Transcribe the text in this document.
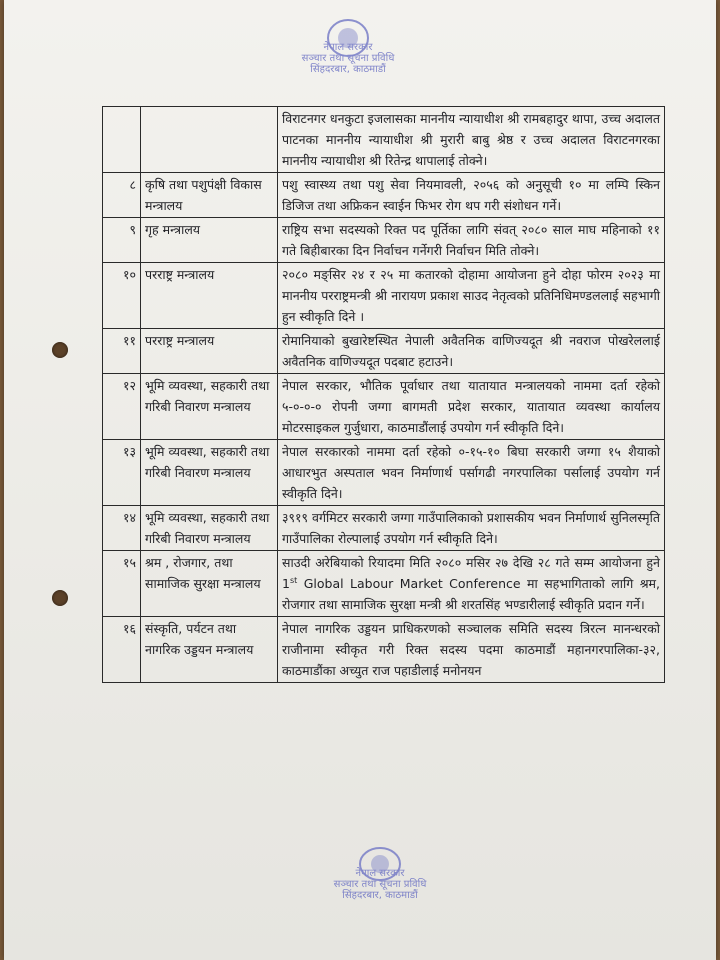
नेपाल सरकार
सञ्चार तथा सूचना प्रविधि
सिंहदरबार, काठमाडौं
		विराटनगर धनकुटा इजलासका माननीय न्यायाधीश श्री रामबहादुर थापा, उच्च अदालत पाटनका माननीय न्यायाधीश श्री मुरारी बाबु श्रेष्ठ र उच्च अदालत विराटनगरका माननीय न्यायाधीश श्री रितेन्द्र थापालाई तोक्ने।
८	कृषि तथा पशुपंक्षी विकास मन्त्रालय	पशु स्वास्थ्य तथा पशु सेवा नियमावली, २०५६ को अनुसूची १० मा लम्पि स्किन डिजिज तथा अफ्रिकन स्वाईन फिभर रोग थप गरी संशोधन गर्ने।
९	गृह मन्त्रालय	राष्ट्रिय सभा सदस्यको रिक्त पद पूर्तिका लागि संवत् २०८० साल माघ महिनाको ११ गते बिहीबारका दिन निर्वाचन गर्नेगरी निर्वाचन मिति तोक्ने।
१०	परराष्ट्र मन्त्रालय	२०८० मङ्सिर २४ र २५ मा कतारको दोहामा आयोजना हुने दोहा फोरम २०२३ मा माननीय परराष्ट्रमन्त्री श्री नारायण प्रकाश साउद नेतृत्वको प्रतिनिधिमण्डललाई सहभागी हुन स्वीकृति दिने ।
११	परराष्ट्र मन्त्रालय	रोमानियाको बुखारेष्टस्थित नेपाली अवैतनिक वाणिज्यदूत श्री नवराज पोखरेललाई अवैतनिक वाणिज्यदूत पदबाट हटाउने।
१२	भूमि व्यवस्था, सहकारी तथा गरिबी निवारण मन्त्रालय	नेपाल सरकार, भौतिक पूर्वाधार तथा यातायात मन्त्रालयको नाममा दर्ता रहेको ५-०-०-० रोपनी जग्गा बागमती प्रदेश सरकार, यातायात व्यवस्था कार्यालय मोटरसाइकल गुर्जुधारा, काठमाडौंलाई उपयोग गर्न स्वीकृति दिने।
१३	भूमि व्यवस्था, सहकारी तथा गरिबी निवारण मन्त्रालय	नेपाल सरकारको नाममा दर्ता रहेको ०-१५-१० बिघा सरकारी जग्गा १५ शैयाको आधारभुत अस्पताल भवन निर्माणार्थ पर्सागढी नगरपालिका पर्सालाई उपयोग गर्न स्वीकृति दिने।
१४	भूमि व्यवस्था, सहकारी तथा गरिबी निवारण मन्त्रालय	३९१९ वर्गमिटर सरकारी जग्गा गाउँपालिकाको प्रशासकीय भवन निर्माणार्थ सुनिलस्मृति गाउँपालिका रोल्पालाई उपयोग गर्न स्वीकृति दिने।
१५	श्रम , रोजगार, तथा सामाजिक सुरक्षा मन्त्रालय	साउदी अरेबियाको रियादमा मिति २०८० मसिर २७ देखि २८ गते सम्म आयोजना हुने 1st Global Labour Market Conference मा सहभागिताको लागि श्रम, रोजगार तथा सामाजिक सुरक्षा मन्त्री श्री शरतसिंह भण्डारीलाई स्वीकृति प्रदान गर्ने।
१६	संस्कृति, पर्यटन तथा नागरिक उड्डयन मन्त्रालय	नेपाल नागरिक उड्डयन प्राधिकरणको सञ्चालक समिति सदस्य त्रिरत्न मानन्धरको राजीनामा स्वीकृत गरी रिक्त सदस्य पदमा काठमाडौं महानगरपालिका-३२, काठमाडौंका अच्युत राज पहाडीलाई मनोनयन
नेपाल सरकार
सञ्चार तथा सूचना प्रविधि
सिंहदरबार, काठमाडौं
